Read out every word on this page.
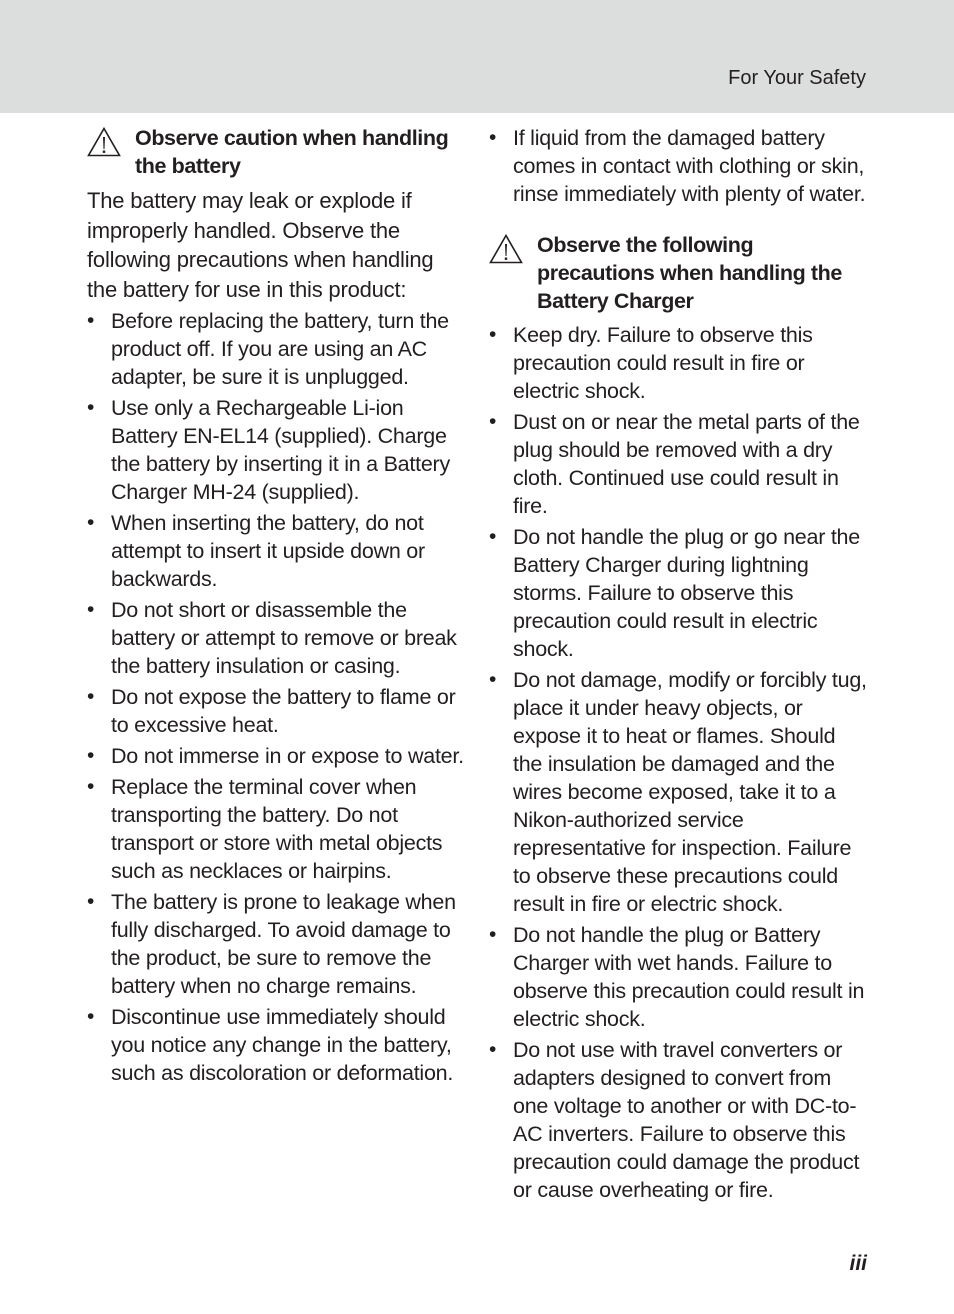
For Your Safety
Observe caution when handling the battery

The battery may leak or explode if improperly handled. Observe the following precautions when handling the battery for use in this product:

• Before replacing the battery, turn the product off. If you are using an AC adapter, be sure it is unplugged.
• Use only a Rechargeable Li-ion Battery EN-EL14 (supplied). Charge the battery by inserting it in a Battery Charger MH-24 (supplied).
• When inserting the battery, do not attempt to insert it upside down or backwards.
• Do not short or disassemble the battery or attempt to remove or break the battery insulation or casing.
• Do not expose the battery to flame or to excessive heat.
• Do not immerse in or expose to water.
• Replace the terminal cover when transporting the battery. Do not transport or store with metal objects such as necklaces or hairpins.
• The battery is prone to leakage when fully discharged. To avoid damage to the product, be sure to remove the battery when no charge remains.
• Discontinue use immediately should you notice any change in the battery, such as discoloration or deformation.
• If liquid from the damaged battery comes in contact with clothing or skin, rinse immediately with plenty of water.
Observe the following precautions when handling the Battery Charger
• Keep dry. Failure to observe this precaution could result in fire or electric shock.
• Dust on or near the metal parts of the plug should be removed with a dry cloth. Continued use could result in fire.
• Do not handle the plug or go near the Battery Charger during lightning storms. Failure to observe this precaution could result in electric shock.
• Do not damage, modify or forcibly tug, place it under heavy objects, or expose it to heat or flames. Should the insulation be damaged and the wires become exposed, take it to a Nikon-authorized service representative for inspection. Failure to observe these precautions could result in fire or electric shock.
• Do not handle the plug or Battery Charger with wet hands. Failure to observe this precaution could result in electric shock.
• Do not use with travel converters or adapters designed to convert from one voltage to another or with DC-to-AC inverters. Failure to observe this precaution could damage the product or cause overheating or fire.
iii
